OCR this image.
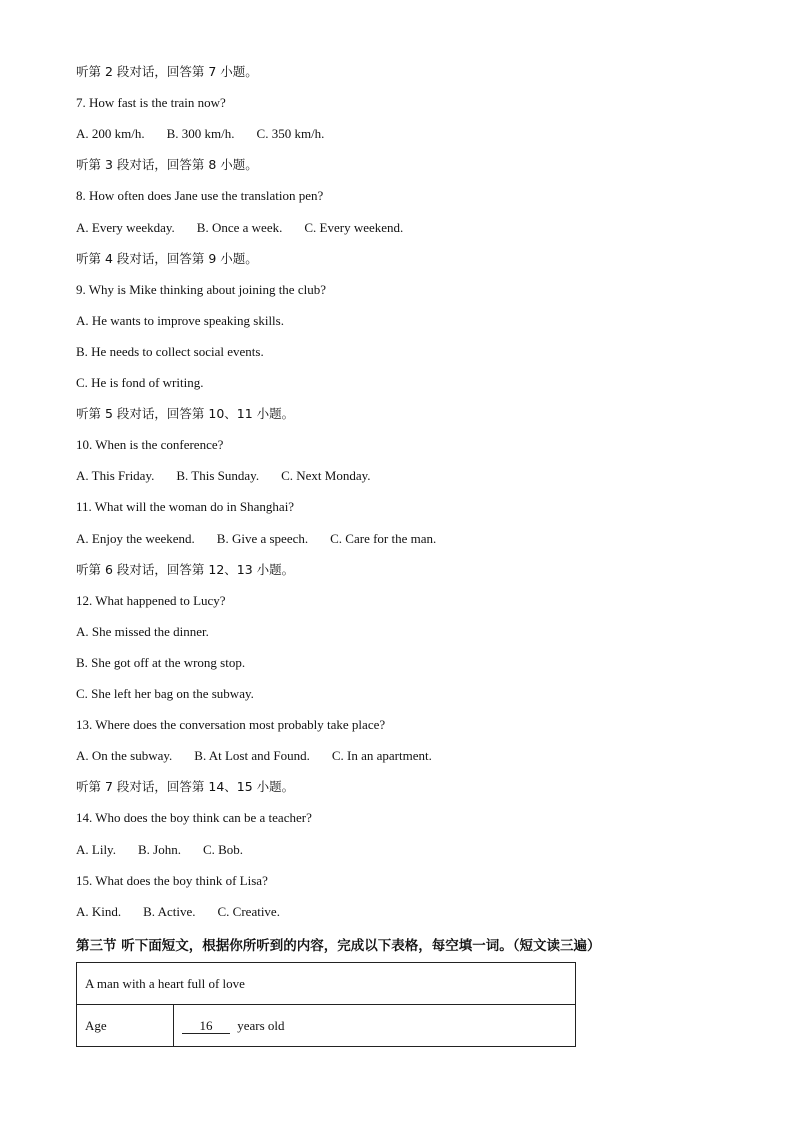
听第 2 段对话，回答第 7 小题。
7. How fast is the train now?
A. 200 km/h. B. 300 km/h. C. 350 km/h.
听第 3 段对话，回答第 8 小题。
8. How often does Jane use the translation pen?
A. Every weekday. B. Once a week. C. Every weekend.
听第 4 段对话，回答第 9 小题。
9. Why is Mike thinking about joining the club?
A. He wants to improve speaking skills.
B. He needs to collect social events.
C. He is fond of writing.
听第 5 段对话，回答第 10、11 小题。
10. When is the conference?
A. This Friday. B. This Sunday. C. Next Monday.
11. What will the woman do in Shanghai?
A. Enjoy the weekend. B. Give a speech. C. Care for the man.
听第 6 段对话，回答第 12、13 小题。
12. What happened to Lucy?
A. She missed the dinner.
B. She got off at the wrong stop.
C. She left her bag on the subway.
13. Where does the conversation most probably take place?
A. On the subway. B. At Lost and Found. C. In an apartment.
听第 7 段对话，回答第 14、15 小题。
14. Who does the boy think can be a teacher?
A. Lily. B. John. C. Bob.
15. What does the boy think of Lisa?
A. Kind. B. Active. C. Creative.
第三节 听下面短文，根据你所听到的内容，完成以下表格，每空填一词。（短文读三遍）
A man with a heart full of love
Age	16 years old
